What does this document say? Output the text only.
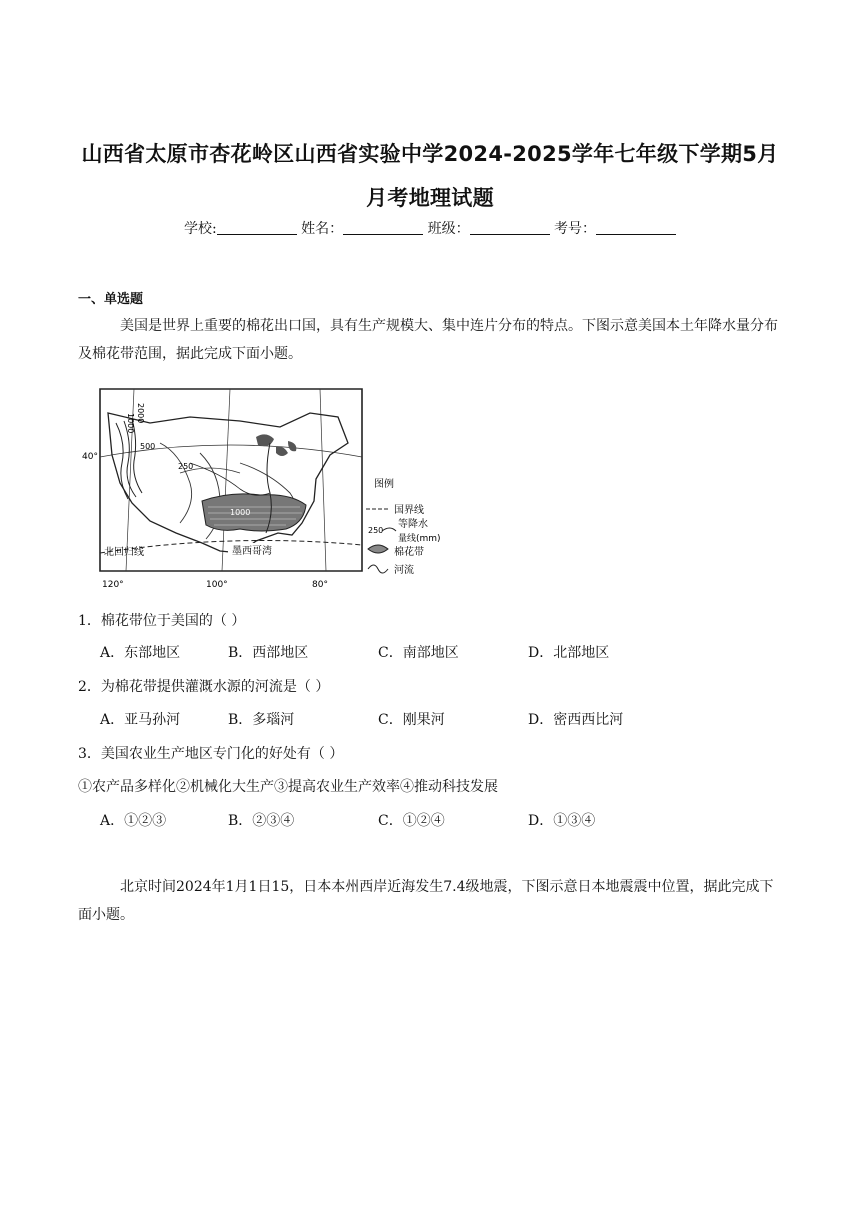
山西省太原市杏花岭区山西省实验中学2024-2025学年七年级下学期5月
月考地理试题
学校:	姓名：	班级：	考号：
一、单选题
美国是世界上重要的棉花出口国，具有生产规模大、集中连片分布的特点。下图示意美国本土年降水量分布及棉花带范围，据此完成下面小题。
1000 2000
500
250
1000
北回归线	墨西哥湾
40°
120°	100°	80°
图例
国界线
等降水
250
量线(mm)
棉花带
河流
1．棉花带位于美国的（ ）
A．东部地区	B．西部地区	C．南部地区	D．北部地区
2．为棉花带提供灌溉水源的河流是（ ）
A．亚马孙河	B．多瑙河	C．刚果河	D．密西西比河
3．美国农业生产地区专门化的好处有（ ）
①农产品多样化②机械化大生产③提高农业生产效率④推动科技发展
A．①②③	B．②③④	C．①②④	D．①③④
北京时间2024年1月1日15，日本本州西岸近海发生7.4级地震，下图示意日本地震震中位置，据此完成下面小题。
